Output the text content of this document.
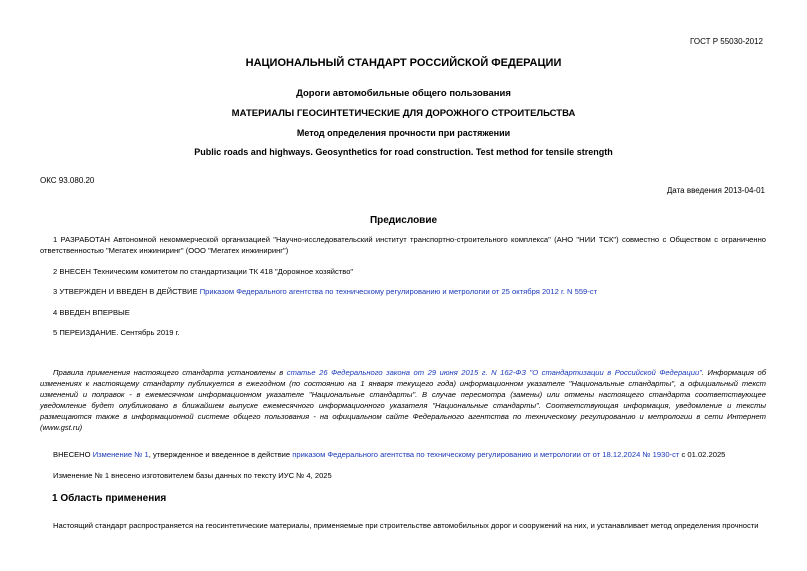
ГОСТ Р 55030-2012
НАЦИОНАЛЬНЫЙ СТАНДАРТ РОССИЙСКОЙ ФЕДЕРАЦИИ
Дороги автомобильные общего пользования
МАТЕРИАЛЫ ГЕОСИНТЕТИЧЕСКИЕ ДЛЯ ДОРОЖНОГО СТРОИТЕЛЬСТВА
Метод определения прочности при растяжении
Public roads and highways. Geosynthetics for road construction. Test method for tensile strength
ОКС 93.080.20
Дата введения 2013-04-01
Предисловие
1 РАЗРАБОТАН Автономной некоммерческой организацией "Научно-исследовательский институт транспортно-строительного комплекса" (АНО "НИИ ТСК") совместно с Обществом с ограниченно ответственностью "Мегатех инжиниринг" (ООО "Мегатех инжиниринг")
2 ВНЕСЕН Техническим комитетом по стандартизации ТК 418 "Дорожное хозяйство"
3 УТВЕРЖДЕН И ВВЕДЕН В ДЕЙСТВИЕ Приказом Федерального агентства по техническому регулированию и метрологии от 25 октября 2012 г. N 559-ст
4 ВВЕДЕН ВПЕРВЫЕ
5 ПЕРЕИЗДАНИЕ. Сентябрь 2019 г.
Правила применения настоящего стандарта установлены в статье 26 Федерального закона от 29 июня 2015 г. N 162-ФЗ "О стандартизации в Российской Федерации". Информация об изменениях к настоящему стандарту публикуется в ежегодном (по состоянию на 1 января текущего года) информационном указателе "Национальные стандарты", а официальный текст изменений и поправок - в ежемесячном информационном указателе "Национальные стандарты". В случае пересмотра (замены) или отмены настоящего стандарта соответствующее уведомление будет опубликовано в ближайшем выпуске ежемесячного информационного указателя "Национальные стандарты". Соответствующая информация, уведомление и тексты размещаются также в информационной системе общего пользования - на официальном сайте Федерального агентства по техническому регулированию и метрологии в сети Интернет (www.gst.ru)
ВНЕСЕНО Изменение № 1, утвержденное и введенное в действие приказом Федерального агентства по техническому регулированию и метрологии от от 18.12.2024 № 1930-ст с 01.02.2025
Изменение № 1 внесено изготовителем базы данных по тексту ИУС № 4, 2025
1 Область применения
Настоящий стандарт распространяется на геосинтетические материалы, применяемые при строительстве автомобильных дорог и сооружений на них, и устанавливает метод определения прочности
